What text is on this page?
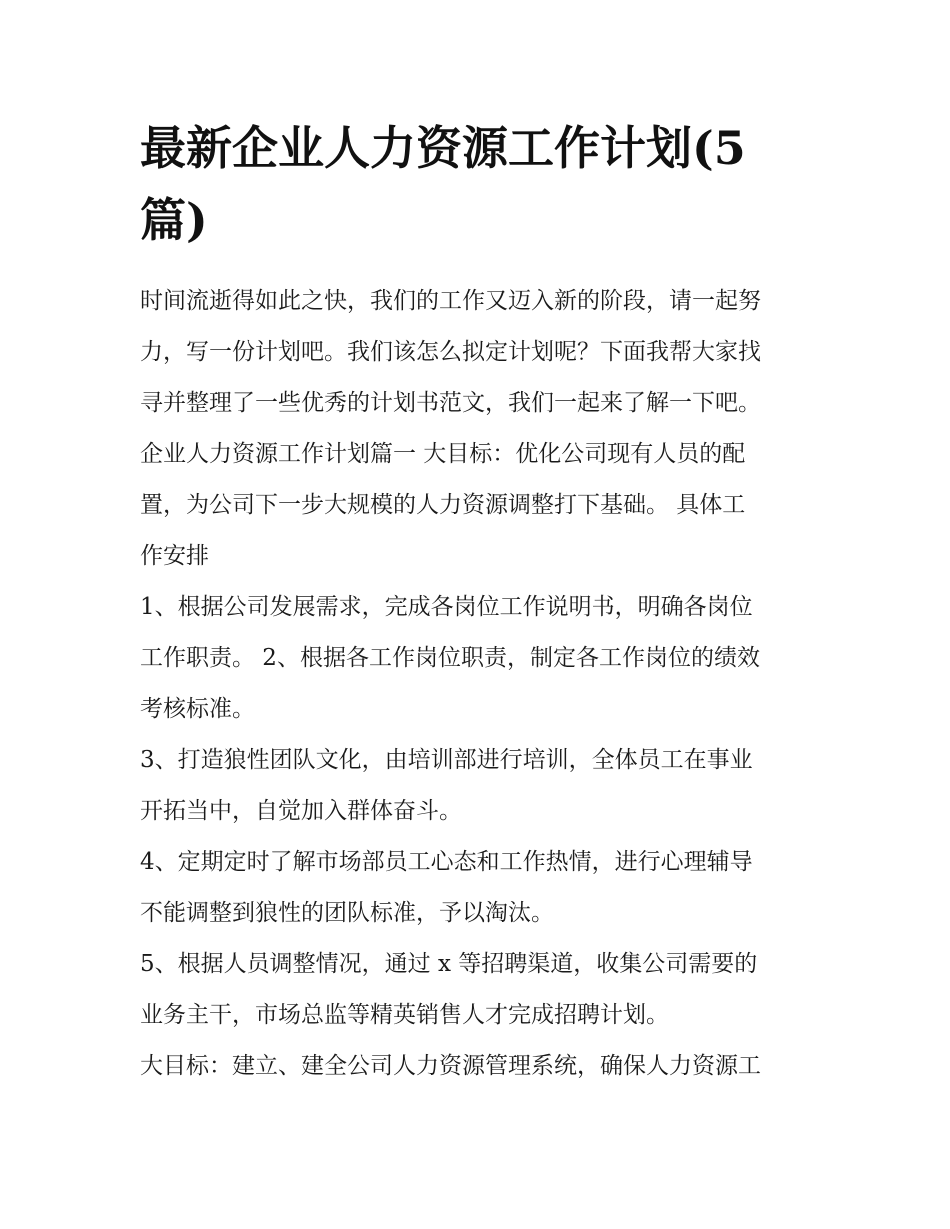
最新企业人力资源工作计划(5
篇)
时间流逝得如此之快，我们的工作又迈入新的阶段，请一起努
力，写一份计划吧。我们该怎么拟定计划呢？下面我帮大家找
寻并整理了一些优秀的计划书范文，我们一起来了解一下吧。
企业人力资源工作计划篇一 大目标：优化公司现有人员的配
置，为公司下一步大规模的人力资源调整打下基础。 具体工
作安排
1、根据公司发展需求，完成各岗位工作说明书，明确各岗位
工作职责。 2、根据各工作岗位职责，制定各工作岗位的绩效
考核标准。
3、打造狼性团队文化，由培训部进行培训，全体员工在事业
开拓当中，自觉加入群体奋斗。
4、定期定时了解市场部员工心态和工作热情，进行心理辅导
不能调整到狼性的团队标准，予以淘汰。
5、根据人员调整情况，通过 x 等招聘渠道，收集公司需要的
业务主干，市场总监等精英销售人才完成招聘计划。
大目标：建立、建全公司人力资源管理系统，确保人力资源工
